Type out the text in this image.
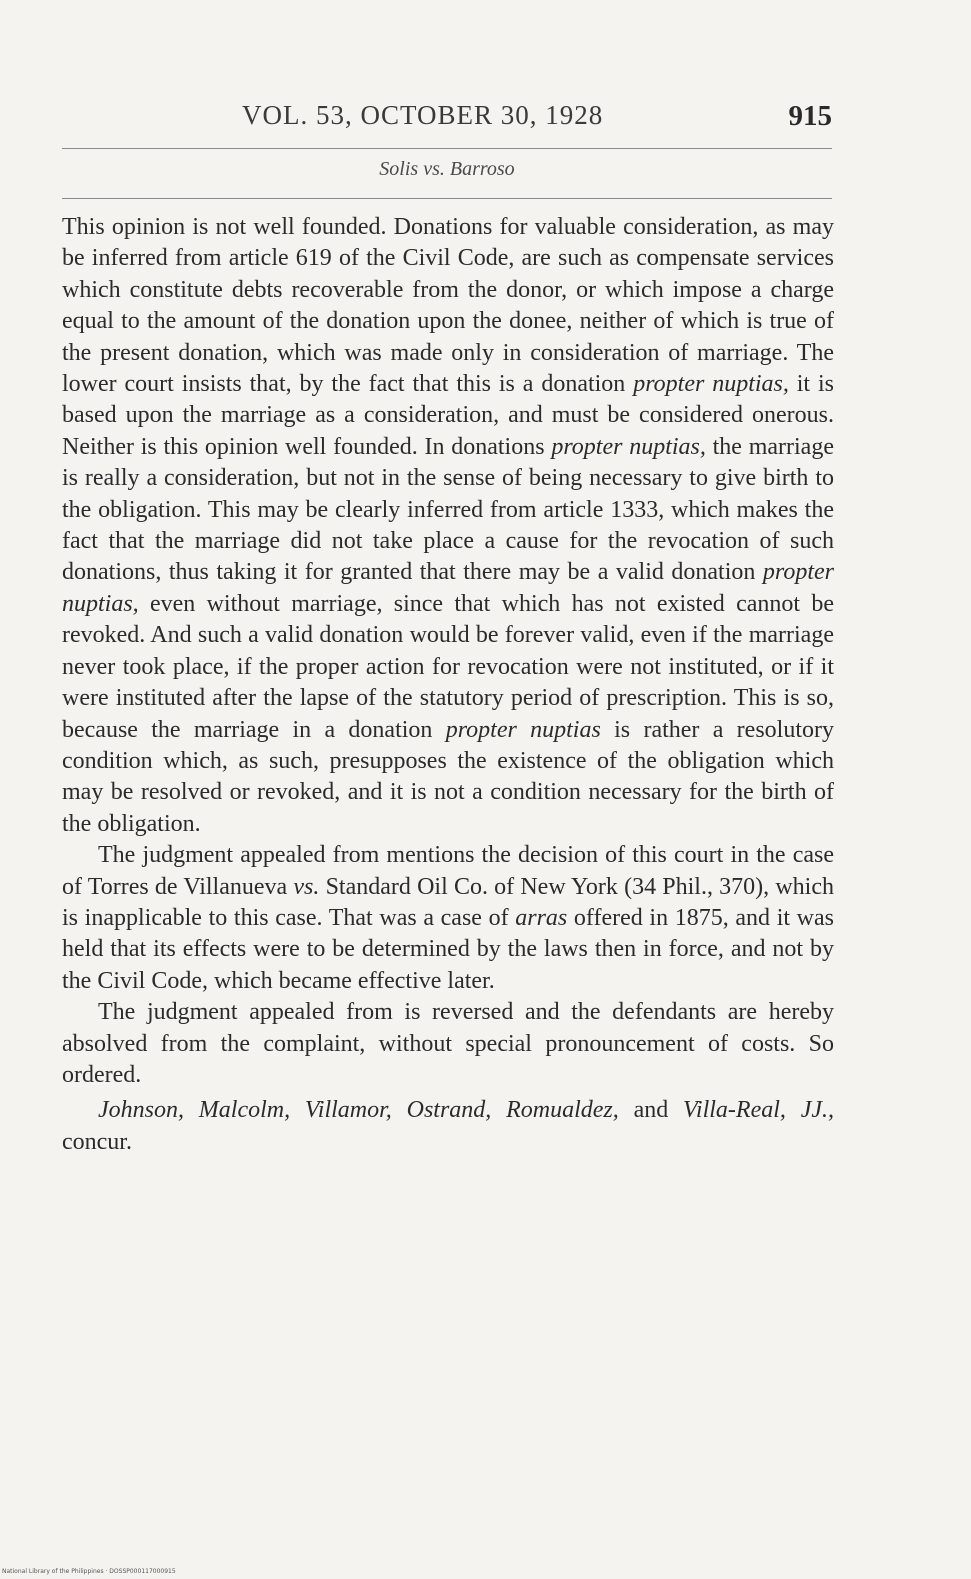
VOL. 53, OCTOBER 30, 1928	915
Solis vs. Barroso

This opinion is not well founded. Donations for valuable consideration, as may be inferred from article 619 of the Civil Code, are such as compensate services which constitute debts recoverable from the donor, or which impose a charge equal to the amount of the donation upon the donee, neither of which is true of the present donation, which was made only in consideration of marriage. The lower court insists that, by the fact that this is a donation propter nuptias, it is based upon the marriage as a consideration, and must be considered onerous. Neither is this opinion well founded. In donations propter nuptias, the marriage is really a consideration, but not in the sense of being necessary to give birth to the obligation. This may be clearly inferred from article 1333, which makes the fact that the marriage did not take place a cause for the revocation of such donations, thus taking it for granted that there may be a valid donation propter nuptias, even without marriage, since that which has not existed cannot be revoked. And such a valid donation would be forever valid, even if the marriage never took place, if the proper action for revocation were not instituted, or if it were instituted after the lapse of the statutory period of prescription. This is so, because the marriage in a donation propter nuptias is rather a resolutory condition which, as such, presupposes the existence of the obligation which may be resolved or revoked, and it is not a condition necessary for the birth of the obligation.

The judgment appealed from mentions the decision of this court in the case of Torres de Villanueva vs. Standard Oil Co. of New York (34 Phil., 370), which is inapplicable to this case. That was a case of arras offered in 1875, and it was held that its effects were to be determined by the laws then in force, and not by the Civil Code, which became effective later.

The judgment appealed from is reversed and the defendants are hereby absolved from the complaint, without special pronouncement of costs. So ordered.

Johnson, Malcolm, Villamor, Ostrand, Romualdez, and Villa-Real, JJ., concur.

National Library of the Philippines · DOSSP000117000915
